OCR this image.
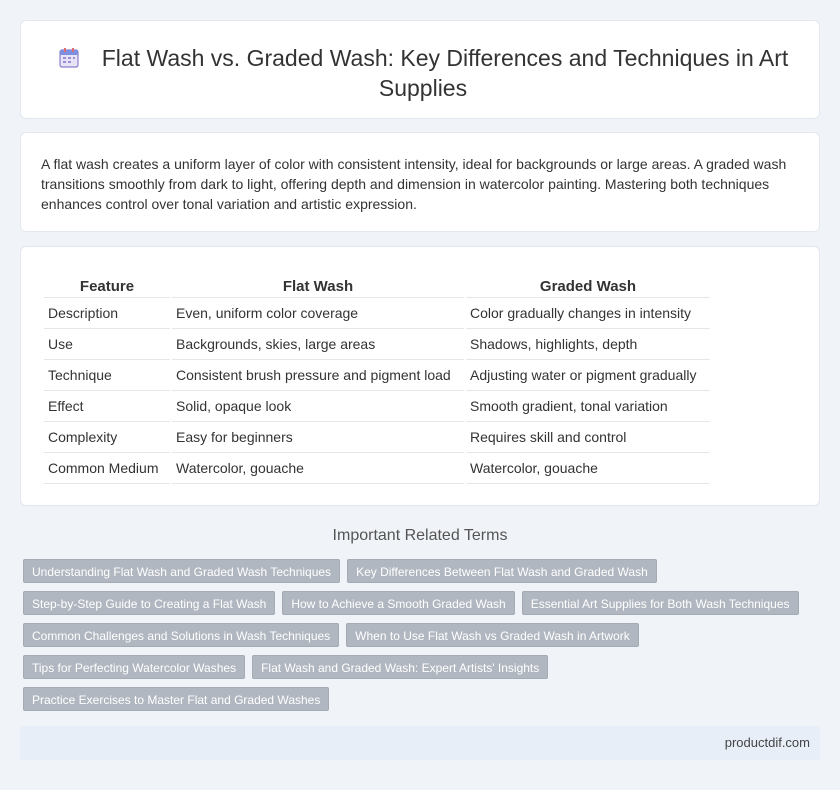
Flat Wash vs. Graded Wash: Key Differences and Techniques in Art Supplies

A flat wash creates a uniform layer of color with consistent intensity, ideal for backgrounds or large areas. A graded wash transitions smoothly from dark to light, offering depth and dimension in watercolor painting. Mastering both techniques enhances control over tonal variation and artistic expression.

Feature	Flat Wash	Graded Wash
Description	Even, uniform color coverage	Color gradually changes in intensity
Use	Backgrounds, skies, large areas	Shadows, highlights, depth
Technique	Consistent brush pressure and pigment load	Adjusting water or pigment gradually
Effect	Solid, opaque look	Smooth gradient, tonal variation
Complexity	Easy for beginners	Requires skill and control
Common Medium	Watercolor, gouache	Watercolor, gouache
Important Related Terms
Understanding Flat Wash and Graded Wash Techniques	Key Differences Between Flat Wash and Graded Wash
Step-by-Step Guide to Creating a Flat Wash	How to Achieve a Smooth Graded Wash	Essential Art Supplies for Both Wash Techniques
Common Challenges and Solutions in Wash Techniques	When to Use Flat Wash vs Graded Wash in Artwork
Tips for Perfecting Watercolor Washes	Flat Wash and Graded Wash: Expert Artists' Insights
Practice Exercises to Master Flat and Graded Washes
productdif.com
